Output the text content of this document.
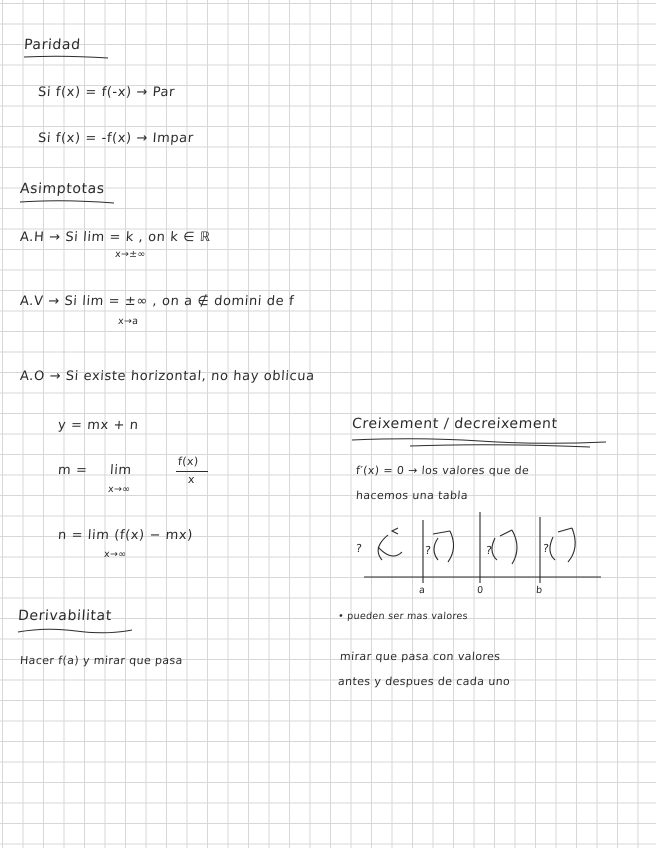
Paridad
Si f(x) = f(-x) → Par
Si f(x) = -f(x) → Impar
Asimptotas
A.H → Si lim = k , on k ∈ ℝ
x→±∞
A.V → Si lim = ±∞ , on a ∉ domini de f
x→a
A.O → Si existe horizontal, no hay oblicua
y = mx + n
m = lim
x→∞
f(x)
x
n = lim (f(x) − mx)
x→∞
Derivabilitat
Hacer f(a) y mirar que pasa
Creixement / decreixement
f′(x) = 0 → los valores que de
hacemos una tabla
?	?	?	?
a	0	b
• pueden ser mas valores
mirar que pasa con valores
antes y despues de cada uno
